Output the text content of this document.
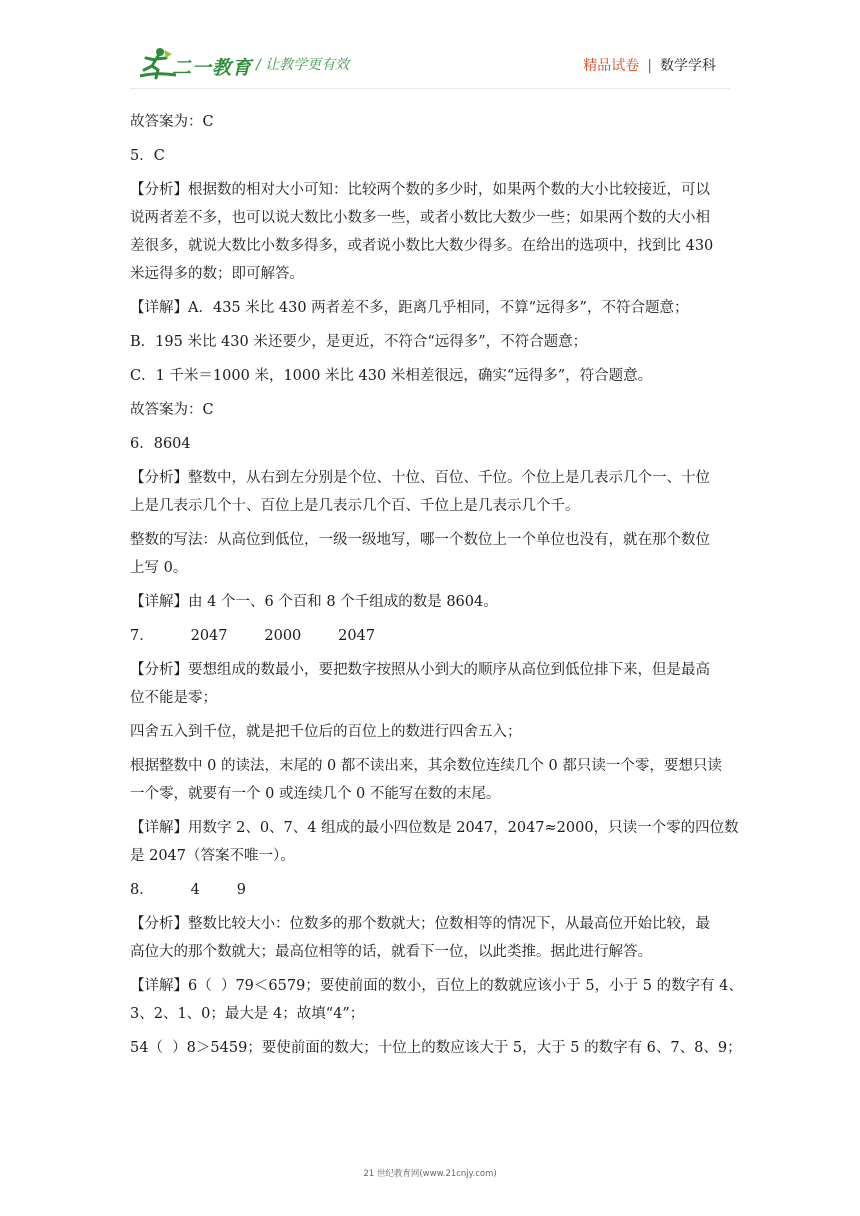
二一教育 / 让教学更有效	精品试卷 | 数学学科

故答案为：C

5．C

【分析】根据数的相对大小可知：比较两个数的多少时，如果两个数的大小比较接近，可以

说两者差不多，也可以说大数比小数多一些，或者小数比大数少一些；如果两个数的大小相

差很多，就说大数比小数多得多，或者说小数比大数少得多。在给出的选项中，找到比 430

米远得多的数；即可解答。

【详解】A．435 米比 430 两者差不多，距离几乎相同，不算“远得多”，不符合题意；

B．195 米比 430 米还要少，是更近，不符合“远得多”，不符合题意；

C．1 千米＝1000 米，1000 米比 430 米相差很远，确实“远得多”，符合题意。

故答案为：C

6．8604

【分析】整数中，从右到左分别是个位、十位、百位、千位。个位上是几表示几个一、十位

上是几表示几个十、百位上是几表示几个百、千位上是几表示几个千。

整数的写法：从高位到低位，一级一级地写，哪一个数位上一个单位也没有，就在那个数位

上写 0。

【详解】由 4 个一、6 个百和 8 个千组成的数是 8604。

7．        2047        2000        2047

【分析】要想组成的数最小，要把数字按照从小到大的顺序从高位到低位排下来，但是最高

位不能是零；

四舍五入到千位，就是把千位后的百位上的数进行四舍五入；

根据整数中 0 的读法，末尾的 0 都不读出来，其余数位连续几个 0 都只读一个零，要想只读

一个零，就要有一个 0 或连续几个 0 不能写在数的末尾。

【详解】用数字 2、0、7、4 组成的最小四位数是 2047，2047≈2000，只读一个零的四位数

是 2047（答案不唯一）。

8．        4        9

【分析】整数比较大小：位数多的那个数就大；位数相等的情况下，从最高位开始比较，最

高位大的那个数就大；最高位相等的话，就看下一位，以此类推。据此进行解答。

【详解】6（  ）79＜6579；要使前面的数小，百位上的数就应该小于 5，小于 5 的数字有 4、

3、2、1、0；最大是 4；故填“4”；

54（  ）8＞5459；要使前面的数大；十位上的数应该大于 5，大于 5 的数字有 6、7、8、9；

21 世纪教育网(www.21cnjy.com)
